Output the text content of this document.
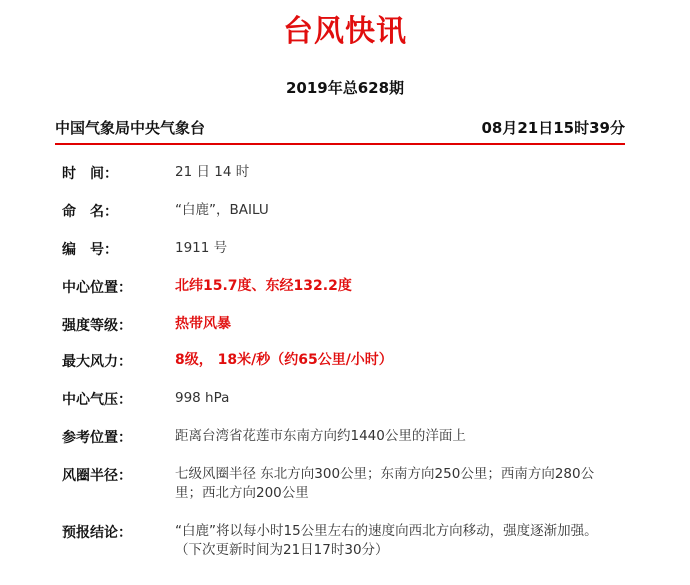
台风快讯
2019年总628期
中国气象局中央气象台	08月21日15时39分
时　间：	21 日 14 时
命　名：	“白鹿”，BAILU
编　号：	1911 号
中心位置：	北纬15.7度、东经132.2度
强度等级：	热带风暴
最大风力：	8级， 18米/秒（约65公里/小时）
中心气压：	998 hPa
参考位置：	距离台湾省花莲市东南方向约1440公里的洋面上
风圈半径：	七级风圈半径 东北方向300公里；东南方向250公里；西南方向280公里；西北方向200公里
预报结论：	“白鹿”将以每小时15公里左右的速度向西北方向移动，强度逐渐加强。
（下次更新时间为21日17时30分）
